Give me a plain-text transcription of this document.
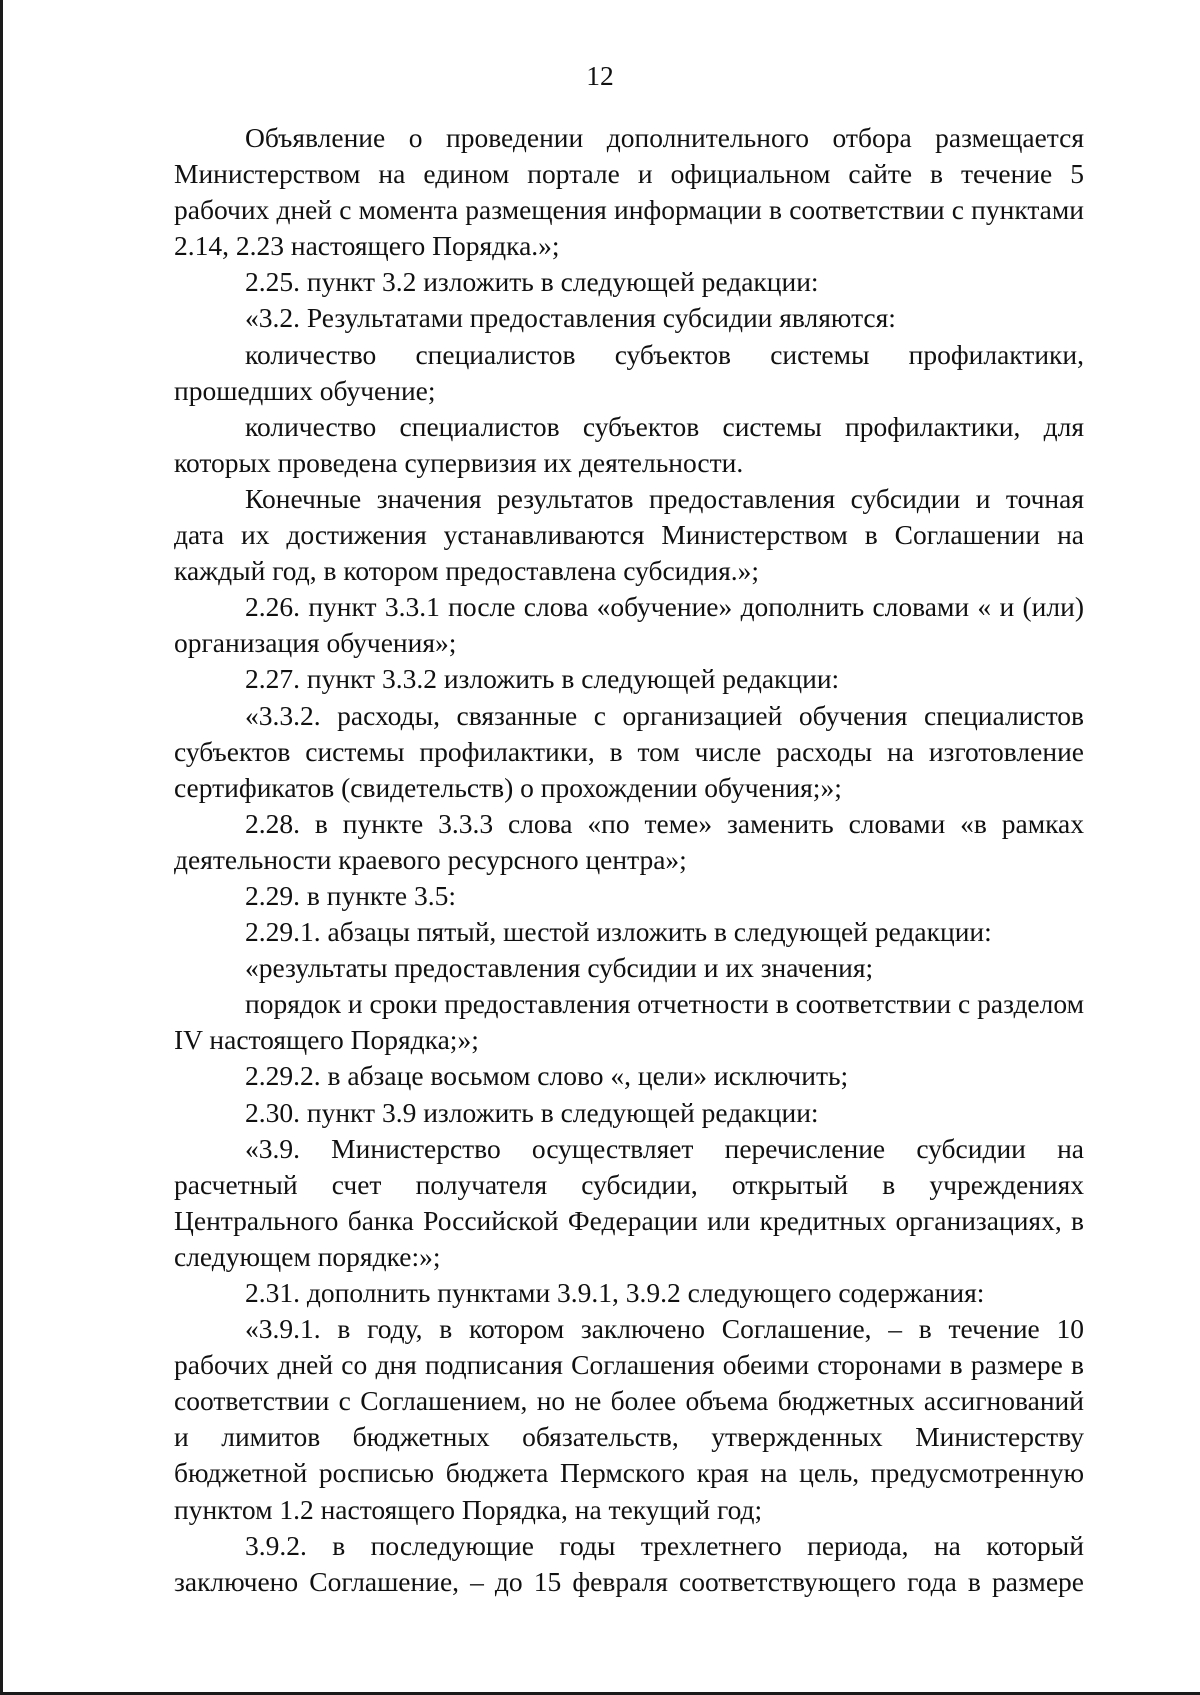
12

Объявление о проведении дополнительного отбора размещается Министерством на едином портале и официальном сайте в течение 5 рабочих дней с момента размещения информации в соответствии с пунктами 2.14, 2.23 настоящего Порядка.»;

2.25. пункт 3.2 изложить в следующей редакции:

«3.2. Результатами предоставления субсидии являются:

количество специалистов субъектов системы профилактики, прошедших обучение;

количество специалистов субъектов системы профилактики, для которых проведена супервизия их деятельности.

Конечные значения результатов предоставления субсидии и точная дата их достижения устанавливаются Министерством в Соглашении на каждый год, в котором предоставлена субсидия.»;

2.26. пункт 3.3.1 после слова «обучение» дополнить словами « и (или) организация обучения»;

2.27. пункт 3.3.2 изложить в следующей редакции:

«3.3.2. расходы, связанные с организацией обучения специалистов субъектов системы профилактики, в том числе расходы на изготовление сертификатов (свидетельств) о прохождении обучения;»;

2.28. в пункте 3.3.3 слова «по теме» заменить словами «в рамках деятельности краевого ресурсного центра»;

2.29. в пункте 3.5:

2.29.1. абзацы пятый, шестой изложить в следующей редакции:

«результаты предоставления субсидии и их значения;

порядок и сроки предоставления отчетности в соответствии с разделом IV настоящего Порядка;»;

2.29.2. в абзаце восьмом слово «, цели» исключить;

2.30. пункт 3.9 изложить в следующей редакции:

«3.9. Министерство осуществляет перечисление субсидии на расчетный счет получателя субсидии, открытый в учреждениях Центрального банка Российской Федерации или кредитных организациях, в следующем порядке:»;

2.31. дополнить пунктами 3.9.1, 3.9.2 следующего содержания:

«3.9.1. в году, в котором заключено Соглашение, – в течение 10 рабочих дней со дня подписания Соглашения обеими сторонами в размере в соответствии с Соглашением, но не более объема бюджетных ассигнований и лимитов бюджетных обязательств, утвержденных Министерству бюджетной росписью бюджета Пермского края на цель, предусмотренную пунктом 1.2 настоящего Порядка, на текущий год;

3.9.2. в последующие годы трехлетнего периода, на который заключено Соглашение, – до 15 февраля соответствующего года в размере
